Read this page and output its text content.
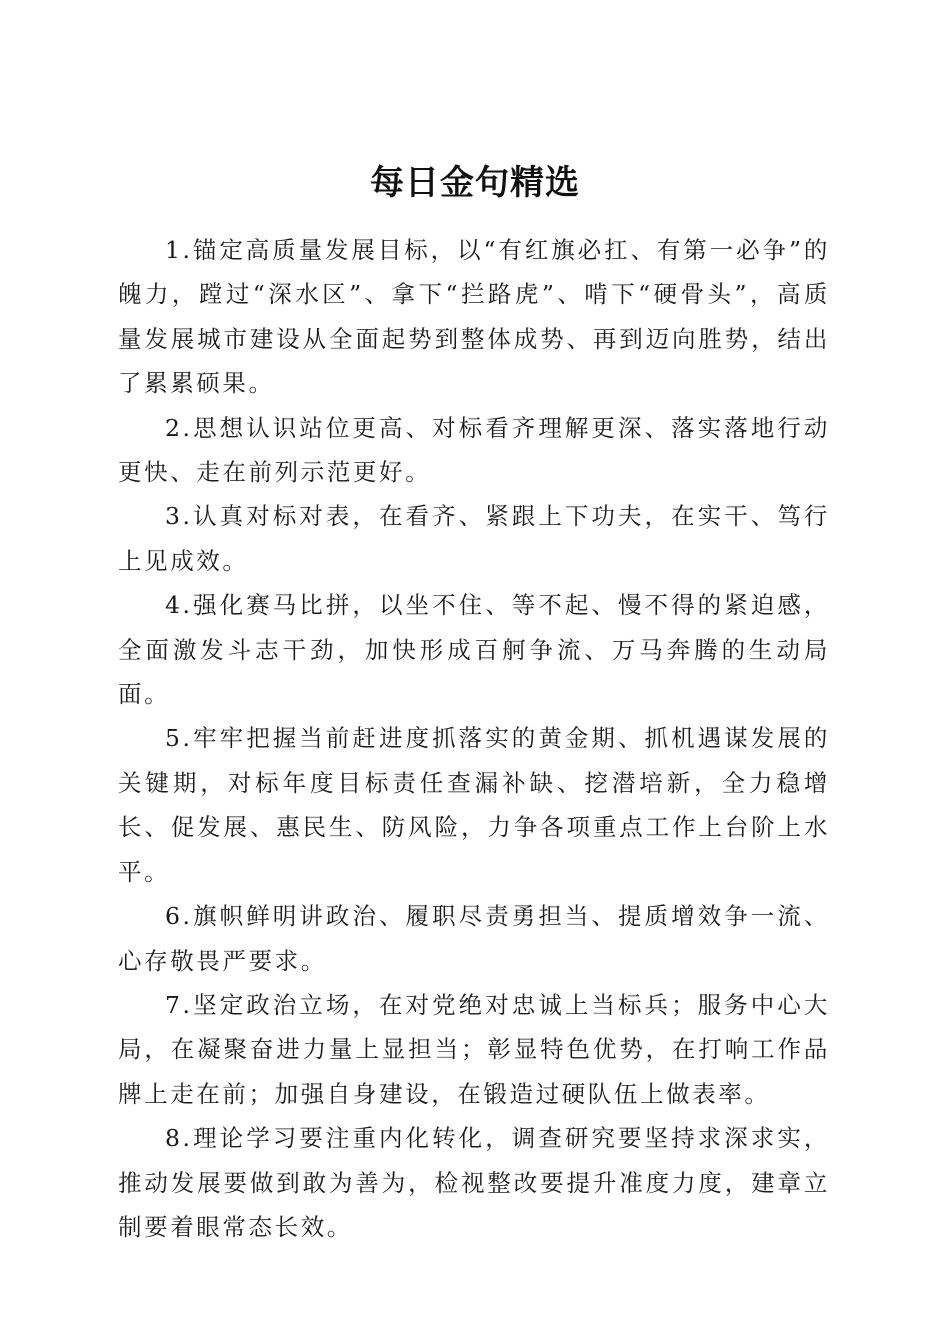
每日金句精选

1.锚定高质量发展目标，以“有红旗必扛、有第一必争”的魄力，蹚过“深水区”、拿下“拦路虎”、啃下“硬骨头”，高质量发展城市建设从全面起势到整体成势、再到迈向胜势，结出了累累硕果。

2.思想认识站位更高、对标看齐理解更深、落实落地行动更快、走在前列示范更好。

3.认真对标对表，在看齐、紧跟上下功夫，在实干、笃行上见成效。

4.强化赛马比拼，以坐不住、等不起、慢不得的紧迫感，全面激发斗志干劲，加快形成百舸争流、万马奔腾的生动局面。

5.牢牢把握当前赶进度抓落实的黄金期、抓机遇谋发展的关键期，对标年度目标责任查漏补缺、挖潜培新，全力稳增长、促发展、惠民生、防风险，力争各项重点工作上台阶上水平。

6.旗帜鲜明讲政治、履职尽责勇担当、提质增效争一流、心存敬畏严要求。

7.坚定政治立场，在对党绝对忠诚上当标兵；服务中心大局，在凝聚奋进力量上显担当；彰显特色优势，在打响工作品牌上走在前；加强自身建设，在锻造过硬队伍上做表率。

8.理论学习要注重内化转化，调查研究要坚持求深求实，推动发展要做到敢为善为，检视整改要提升准度力度，建章立制要着眼常态长效。
